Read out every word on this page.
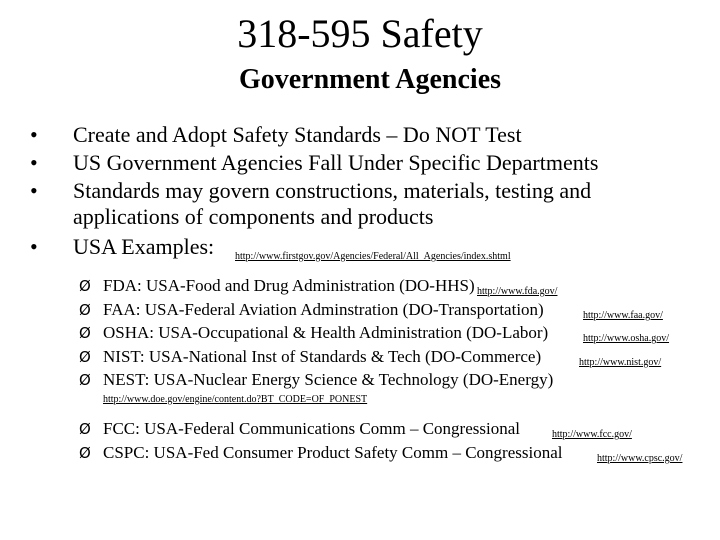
318-595 Safety
Government Agencies
• Create and Adopt Safety Standards – Do NOT Test
• US Government Agencies Fall Under Specific Departments
• Standards may govern constructions, materials, testing and
applications of components and products
• USA Examples: http://www.firstgov.gov/Agencies/Federal/All_Agencies/index.shtml
Ø FDA: USA-Food and Drug Administration (DO-HHS) http://www.fda.gov/
Ø FAA: USA-Federal Aviation Adminstration (DO-Transportation)	http://www.faa.gov/
Ø OSHA: USA-Occupational & Health Administration (DO-Labor)	http://www.osha.gov/
Ø NIST: USA-National Inst of Standards & Tech (DO-Commerce)	http://www.nist.gov/
Ø NEST: USA-Nuclear Energy Science & Technology (DO-Energy)
http://www.doe.gov/engine/content.do?BT_CODE=OF_PONEST
Ø FCC: USA-Federal Communications Comm – Congressional	http://www.fcc.gov/
Ø CSPC: USA-Fed Consumer Product Safety Comm – Congressional	http://www.cpsc.gov/
